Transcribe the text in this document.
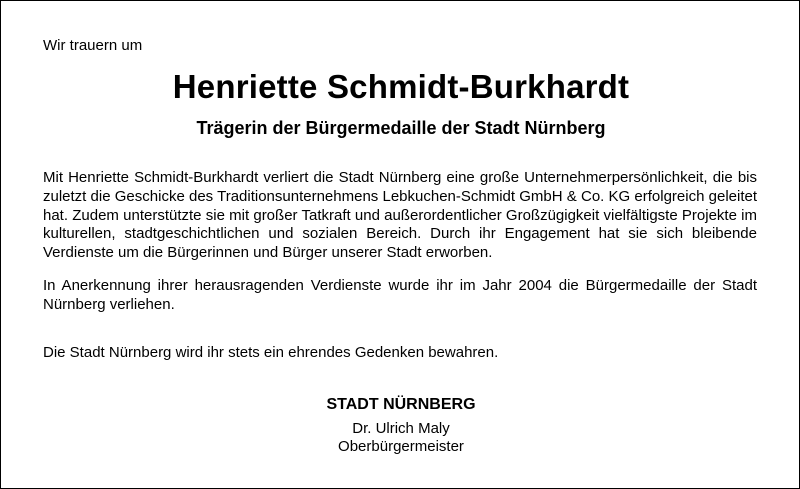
Wir trauern um
Henriette Schmidt-Burkhardt
Trägerin der Bürgermedaille der Stadt Nürnberg

Mit Henriette Schmidt-Burkhardt verliert die Stadt Nürnberg eine große Unternehmerpersönlichkeit, die bis zuletzt die Geschicke des Traditionsunternehmens Lebkuchen-Schmidt GmbH & Co. KG erfolgreich geleitet hat. Zudem unterstützte sie mit großer Tatkraft und außerordentlicher Großzügigkeit vielfältigste Projekte im kulturellen, stadtgeschichtlichen und sozialen Bereich. Durch ihr Engagement hat sie sich bleibende Verdienste um die Bürgerinnen und Bürger unserer Stadt erworben.

In Anerkennung ihrer herausragenden Verdienste wurde ihr im Jahr 2004 die Bürgermedaille der Stadt Nürnberg verliehen.

Die Stadt Nürnberg wird ihr stets ein ehrendes Gedenken bewahren.

STADT NÜRNBERG
Dr. Ulrich Maly
Oberbürgermeister
